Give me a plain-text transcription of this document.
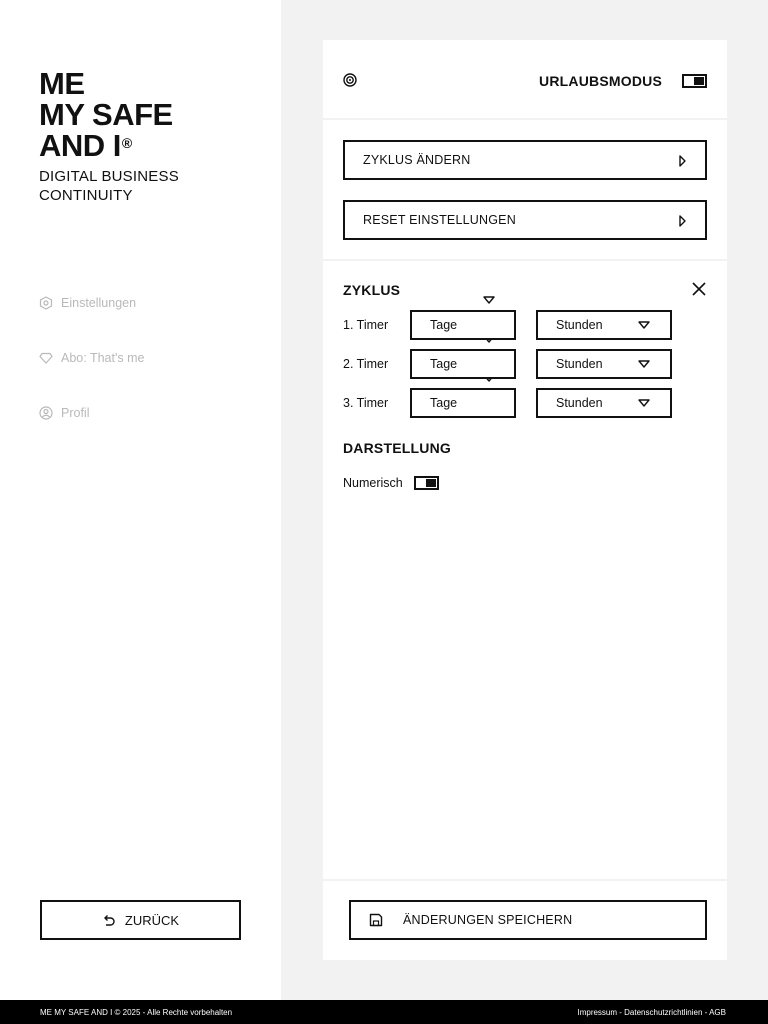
ME
MY SAFE
AND I®
DIGITAL BUSINESS
CONTINUITY
Einstellungen
Abo: That's me
Profil
ZURÜCK
URLAUBSMODUS
ZYKLUS ÄNDERN
RESET EINSTELLUNGEN
ZYKLUS
1. Timer	Tage	Stunden
2. Timer	Tage	Stunden
3. Timer	Tage	Stunden
DARSTELLUNG
Numerisch
ÄNDERUNGEN SPEICHERN
ME MY SAFE AND I © 2025 - Alle Rechte vorbehalten	Impressum - Datenschutzrichtlinien - AGB
